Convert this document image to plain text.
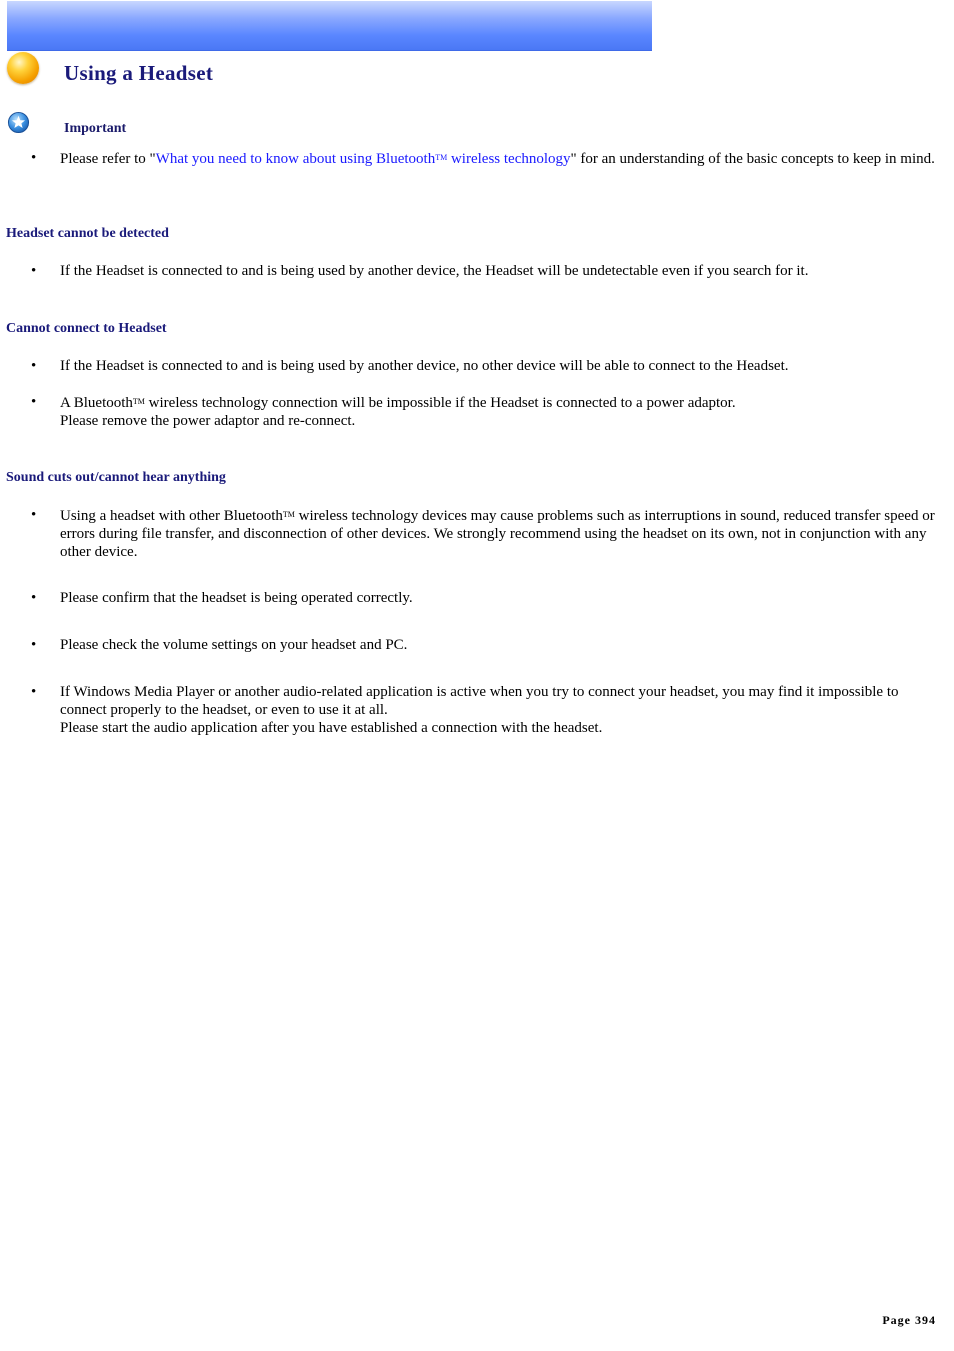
Using a Headset
Important
• Please refer to "What you need to know about using Bluetooth™ wireless technology" for an understanding of the basic concepts to keep in mind.
Headset cannot be detected
• If the Headset is connected to and is being used by another device, the Headset will be undetectable even if you search for it.
Cannot connect to Headset
• If the Headset is connected to and is being used by another device, no other device will be able to connect to the Headset.
• A Bluetooth™ wireless technology connection will be impossible if the Headset is connected to a power adaptor.
Please remove the power adaptor and re-connect.
Sound cuts out/cannot hear anything
• Using a headset with other Bluetooth™ wireless technology devices may cause problems such as interruptions in sound, reduced transfer speed or errors during file transfer, and disconnection of other devices. We strongly recommend using the headset on its own, not in conjunction with any other device.
• Please confirm that the headset is being operated correctly.
• Please check the volume settings on your headset and PC.
• If Windows Media Player or another audio-related application is active when you try to connect your headset, you may find it impossible to connect properly to the headset, or even to use it at all.
Please start the audio application after you have established a connection with the headset.
Page 394
